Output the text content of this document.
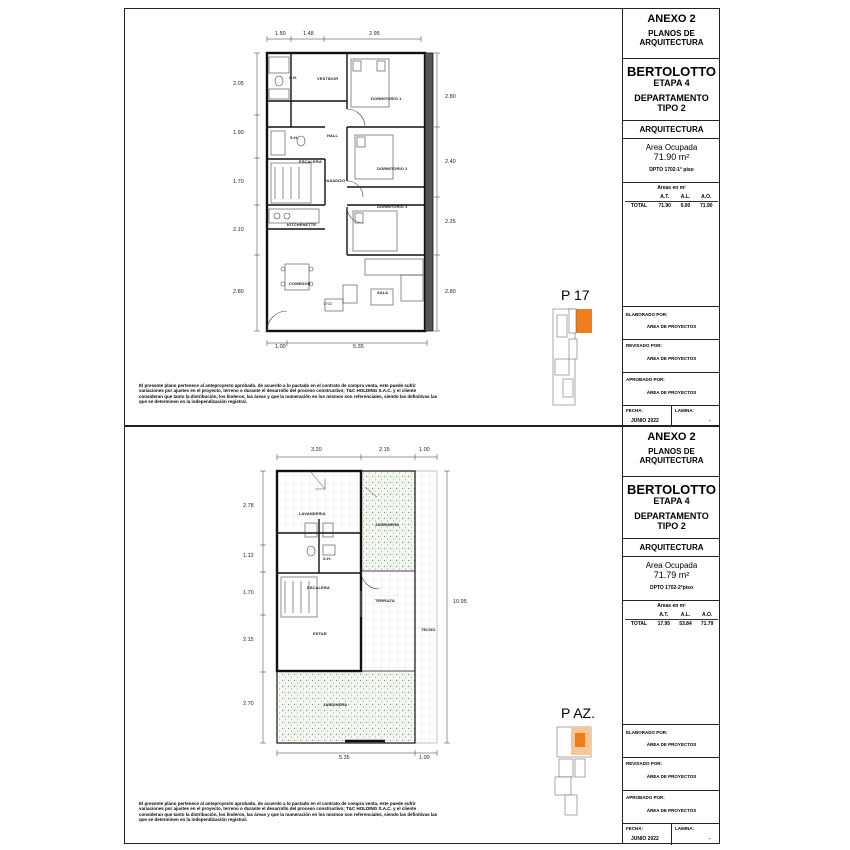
1.50	1.48	2.95
2.05
1.90
1.70
2.10
2.80
2.80
2.40
2.25
2.80
1.00	5.35
S.H.	VESTIDOR
DORMITORIO 1
S.H.	HALL
ESCALERA
DORMITORIO 2
PASADIZO
DORMITORIO 3
KITCHENETTE
COMEDOR
SALA
1702
P 17
El presente plano pertenece al anteproyecto aprobado, de acuerdo a lo pactado en el contrato de compra venta, este puede sufrir variaciones por ajustes en el proyecto, terreno o durante el desarrollo del proceso constructivo; T&C HOLDING S.A.C. y el cliente consideran que tanto la distribución, los linderos, las áreas y que la numeración en los mismos son referenciales, siendo las definitivas las que se determinen en la independización registral.
ANEXO 2
PLANOS DE
ARQUITECTURA
BERTOLOTTO
ETAPA 4
DEPARTAMENTO
TIPO 2
ARQUITECTURA
Area Ocupada
71.90 m²
DPTO 1702-1° piso
Areas en m²
	A.T.	A.L.	A.O.
TOTAL	71.90	0.00	71.90
ELABORADO POR:
ÁREA DE PROYECTOS
REVISADO POR:
ÁREA DE PROYECTOS
APROBADO POR:
ÁREA DE PROYECTOS
FECHA:
JUNIO 2022
LAMINA:
-
3.20	2.15	1.00
2.78
1.12
1.70
2.15
2.70
10.95
5.35	1.00
LAVANDERIA
JARDINERA
S.H.
ESCALERA
TERRAZA
TECHO
ESTAR
JARDINERA
P AZ.
El presente plano pertenece al anteproyecto aprobado, de acuerdo a lo pactado en el contrato de compra venta, este puede sufrir variaciones por ajustes en el proyecto, terreno o durante el desarrollo del proceso constructivo; T&C HOLDING S.A.C. y el cliente consideran que tanto la distribución, los linderos, las áreas y que la numeración en los mismos son referenciales, siendo las definitivas las que se determinen en la independización registral.
ANEXO 2
PLANOS DE
ARQUITECTURA
BERTOLOTTO
ETAPA 4
DEPARTAMENTO
TIPO 2
ARQUITECTURA
Area Ocupada
71.79 m²
DPTO 1702-2°piso
Areas en m²
	A.T.	A.L.	A.O.
TOTAL	17.95	53.84	71.79
ELABORADO POR:
ÁREA DE PROYECTOS
REVISADO POR:
ÁREA DE PROYECTOS
APROBADO POR:
ÁREA DE PROYECTOS
FECHA:
JUNIO 2022
LAMINA:
-
